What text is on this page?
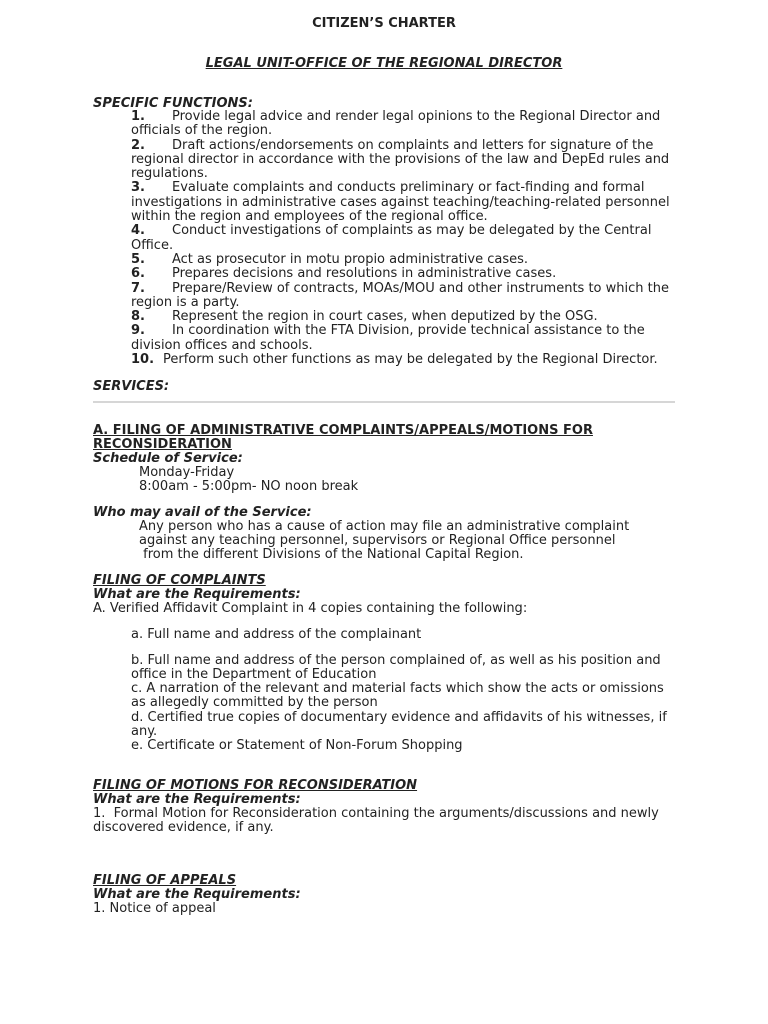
CITIZEN’S CHARTER
LEGAL UNIT-OFFICE OF THE REGIONAL DIRECTOR
SPECIFIC FUNCTIONS:
1. Provide legal advice and render legal opinions to the Regional Director and officials of the region.
2. Draft actions/endorsements on complaints and letters for signature of the regional director in accordance with the provisions of the law and DepEd rules and regulations.
3. Evaluate complaints and conducts preliminary or fact-finding and formal investigations in administrative cases against teaching/teaching-related personnel within the region and employees of the regional office.
4. Conduct investigations of complaints as may be delegated by the Central Office.
5. Act as prosecutor in motu propio administrative cases.
6. Prepares decisions and resolutions in administrative cases.
7. Prepare/Review of contracts, MOAs/MOU and other instruments to which the region is a party.
8. Represent the region in court cases, when deputized by the OSG.
9. In coordination with the FTA Division, provide technical assistance to the division offices and schools.
10. Perform such other functions as may be delegated by the Regional Director.
SERVICES:
A. FILING OF ADMINISTRATIVE COMPLAINTS/APPEALS/MOTIONS FOR
RECONSIDERATION
Schedule of Service:
Monday-Friday
8:00am - 5:00pm- NO noon break
Who may avail of the Service:
Any person who has a cause of action may file an administrative complaint
against any teaching personnel, supervisors or Regional Office personnel
from the different Divisions of the National Capital Region.
FILING OF COMPLAINTS
What are the Requirements:
A. Verified Affidavit Complaint in 4 copies containing the following:
a. Full name and address of the complainant
b. Full name and address of the person complained of, as well as his position and
office in the Department of Education
c. A narration of the relevant and material facts which show the acts or omissions
as allegedly committed by the person
d. Certified true copies of documentary evidence and affidavits of his witnesses, if
any.
e. Certificate or Statement of Non-Forum Shopping
FILING OF MOTIONS FOR RECONSIDERATION
What are the Requirements:
1.  Formal Motion for Reconsideration containing the arguments/discussions and newly
discovered evidence, if any.
FILING OF APPEALS
What are the Requirements:
1. Notice of appeal
